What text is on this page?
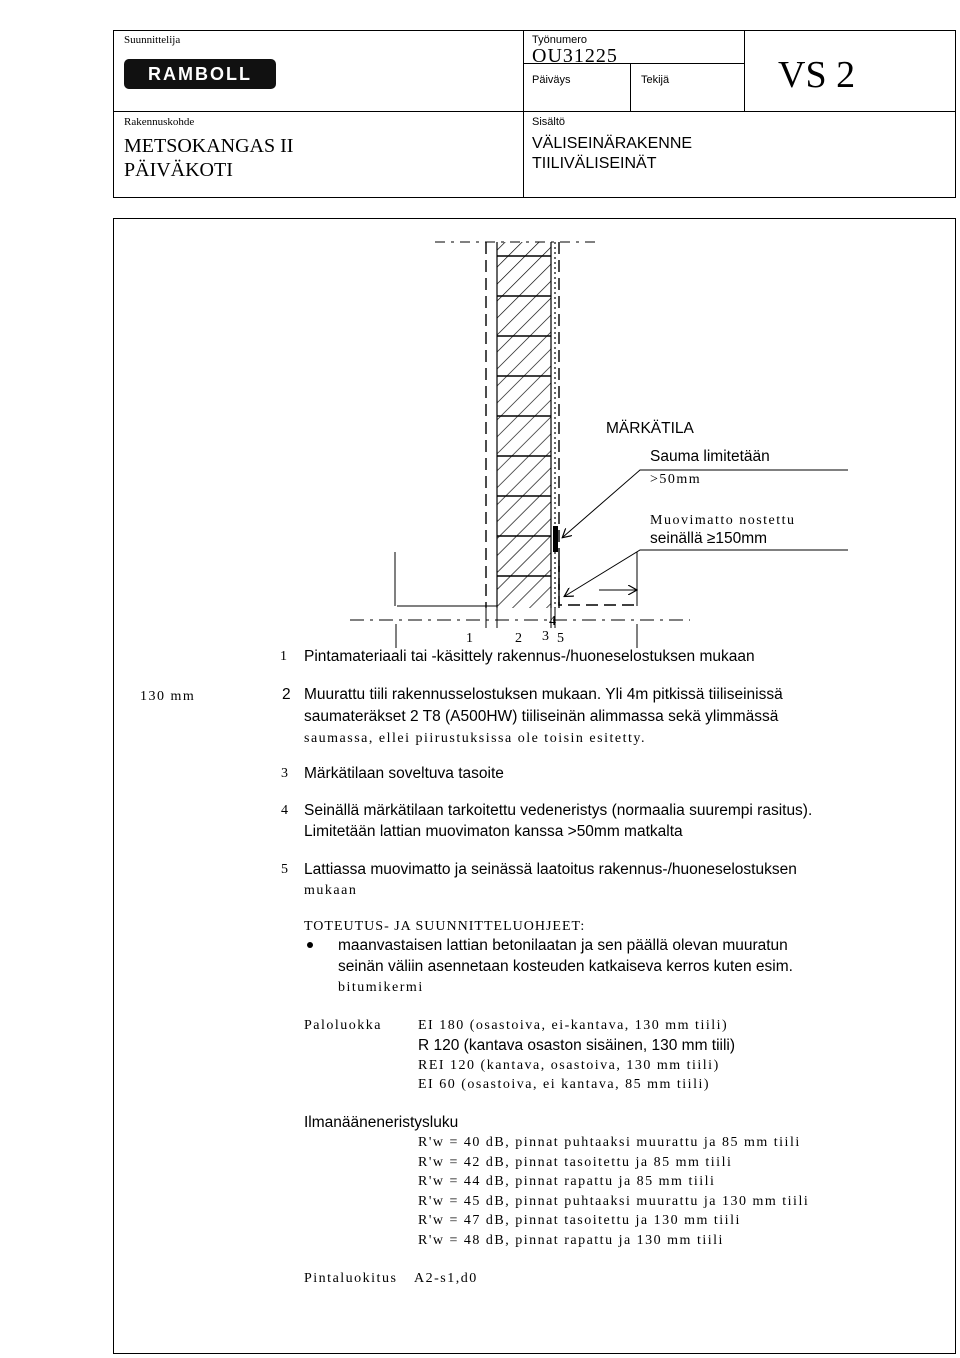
Suunnittelija
RAMBOLL
Työnumero
OU31225
Päiväys	Tekijä	VS 2
Rakennuskohde
METSOKANGAS II
PÄIVÄKOTI
Sisältö
VÄLISEINÄRAKENNE
TIILIVÄLISEINÄT
MÄRKÄTILA
Sauma limitetään
>50mm
Muovimatto nostettu
seinällä ≥150mm
1	2 3
4
5
130 mm
1 Pintamateriaali tai -käsittely rakennus-/huoneselostuksen mukaan
2 Muurattu tiili rakennusselostuksen mukaan. Yli 4m pitkissä tiiliseinissä
saumateräkset 2 T8 (A500HW) tiiliseinän alimmassa sekä ylimmässä
saumassa, ellei piirustuksissa ole toisin esitetty.
3 Märkätilaan soveltuva tasoite
4 Seinällä märkätilaan tarkoitettu vedeneristys (normaalia suurempi rasitus).
Limitetään lattian muovimaton kanssa >50mm matkalta
5 Lattiassa muovimatto ja seinässä laatoitus rakennus-/huoneselostuksen
mukaan
TOTEUTUS- JA SUUNNITTELUOHJEET:
maanvastaisen lattian betonilaatan ja sen päällä olevan muuratun
seinän väliin asennetaan kosteuden katkaiseva kerros kuten esim.
bitumikermi
Paloluokka	EI 180 (osastoiva, ei-kantava, 130 mm tiili)
R 120 (kantava osaston sisäinen, 130 mm tiili)
REI 120 (kantava, osastoiva, 130 mm tiili)
EI 60 (osastoiva, ei kantava, 85 mm tiili)
Ilmanääneneristysluku
R'w = 40 dB, pinnat puhtaaksi muurattu ja 85 mm tiili
R'w = 42 dB, pinnat tasoitettu ja 85 mm tiili
R'w = 44 dB, pinnat rapattu ja 85 mm tiili
R'w = 45 dB, pinnat puhtaaksi muurattu ja 130 mm tiili
R'w = 47 dB, pinnat tasoitettu ja 130 mm tiili
R'w = 48 dB, pinnat rapattu ja 130 mm tiili
Pintaluokitus A2-s1,d0
